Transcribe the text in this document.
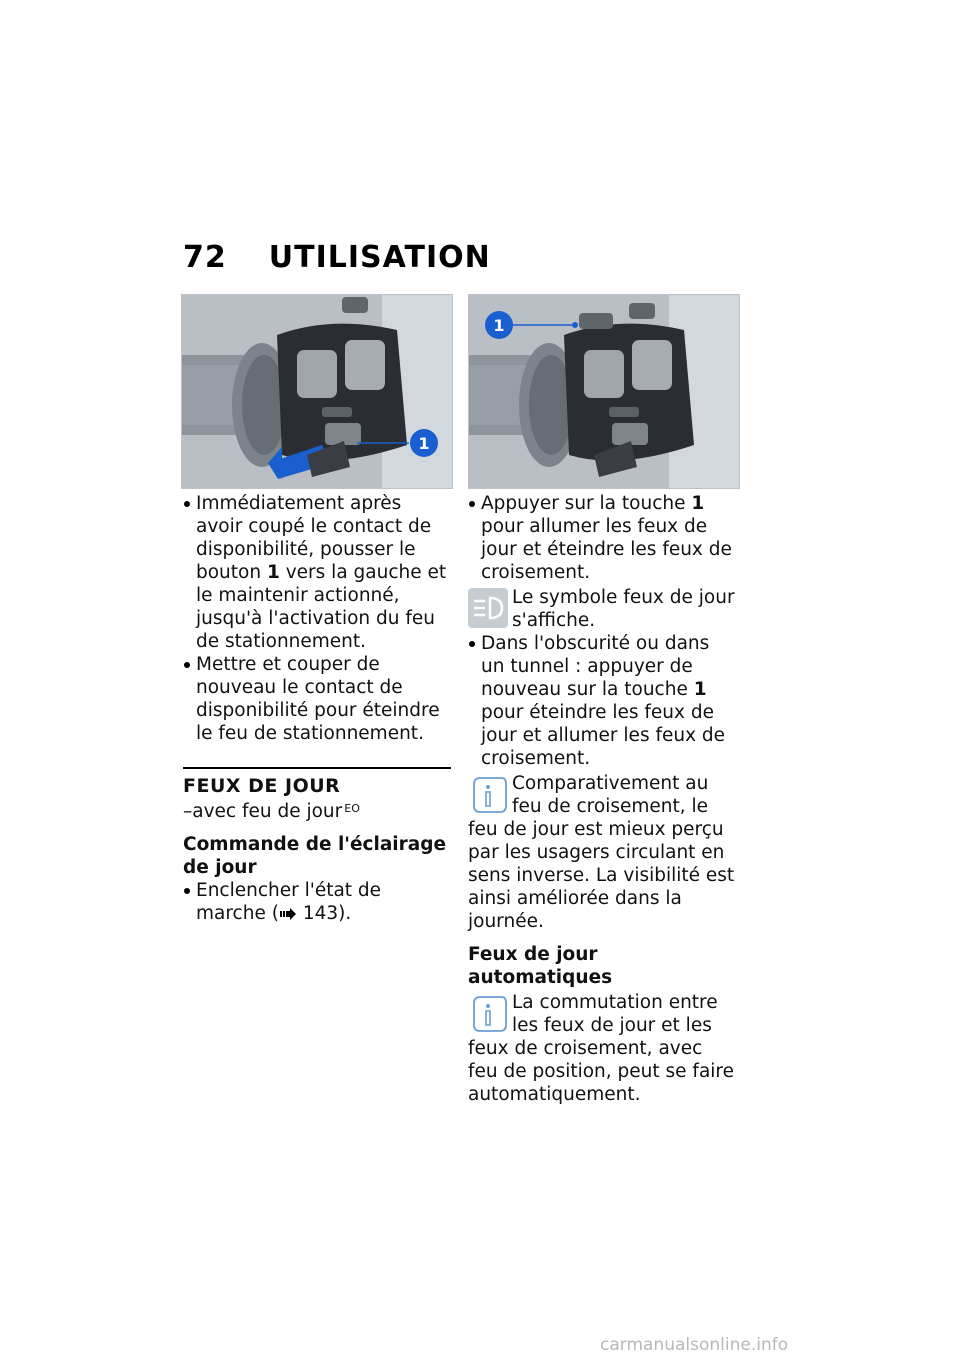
72 UTILISATION
1
1

Immédiatement après avoir coupé le contact de disponibilité, pousser le bouton 1 vers la gauche et le maintenir actionné, jusqu'à l'activation du feu de stationnement.

Mettre et couper de nouveau le contact de disponibilité pour éteindre le feu de stationnement.

FEUX DE JOUR
–avec feu de jour $^{EO}$
Commande de l'éclairage de jour

Enclencher l'état de marche ( 143).

Appuyer sur la touche 1 pour allumer les feux de jour et éteindre les feux de croisement.

Le symbole feux de jour s'affiche.

Dans l'obscurité ou dans un tunnel : appuyer de nouveau sur la touche 1 pour éteindre les feux de jour et allumer les feux de croisement.

Comparativement au feu de croisement, le feu de jour est mieux perçu par les usagers circulant en sens inverse. La visibilité est ainsi améliorée dans la journée.
Feux de jour automatiques
La commutation entre les feux de jour et les feux de croisement, avec feu de position, peut se faire automatiquement.
carmanualsonline.info
